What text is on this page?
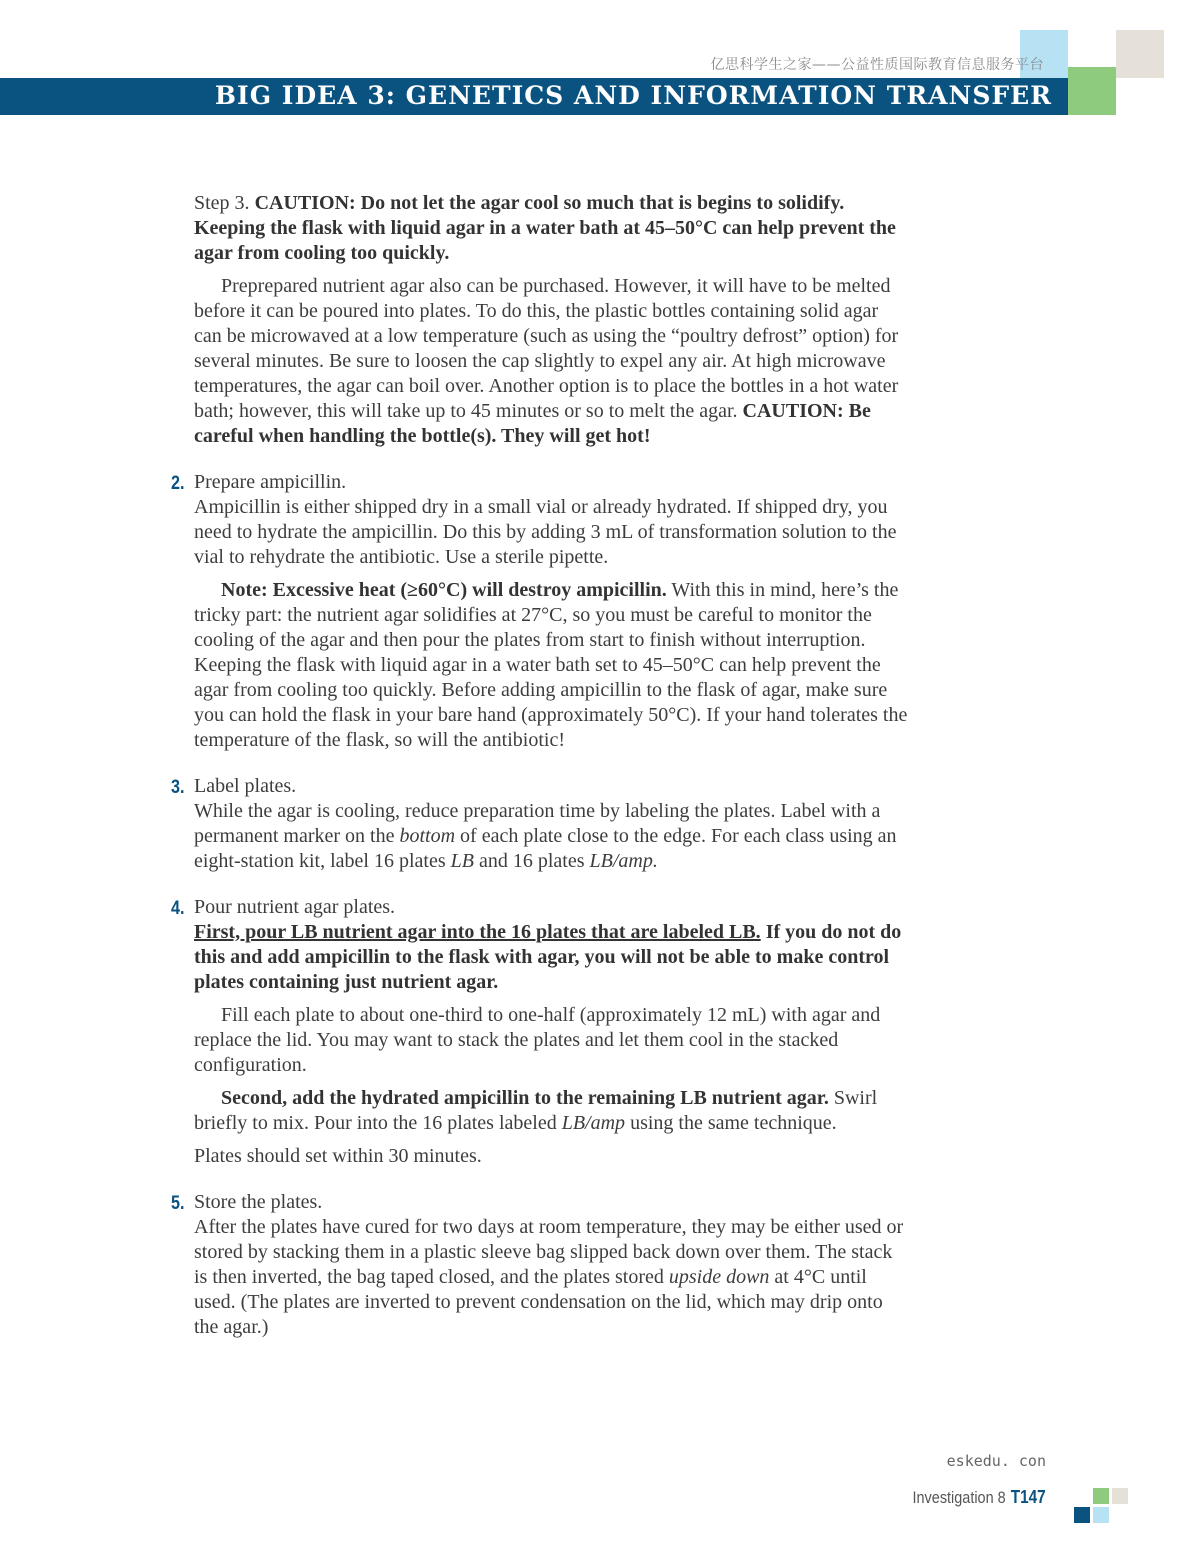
BIG IDEA 3: GENETICS AND INFORMATION TRANSFER
亿思科学生之家——公益性质国际教育信息服务平台

Step 3. CAUTION: Do not let the agar cool so much that is begins to solidify. Keeping the flask with liquid agar in a water bath at 45–50°C can help prevent the agar from cooling too quickly.

Preprepared nutrient agar also can be purchased. However, it will have to be melted before it can be poured into plates. To do this, the plastic bottles containing solid agar can be microwaved at a low temperature (such as using the “poultry defrost” option) for several minutes. Be sure to loosen the cap slightly to expel any air. At high microwave temperatures, the agar can boil over. Another option is to place the bottles in a hot water bath; however, this will take up to 45 minutes or so to melt the agar. CAUTION: Be careful when handling the bottle(s). They will get hot!

2. Prepare ampicillin.

Ampicillin is either shipped dry in a small vial or already hydrated. If shipped dry, you need to hydrate the ampicillin. Do this by adding 3 mL of transformation solution to the vial to rehydrate the antibiotic. Use a sterile pipette.

Note: Excessive heat (≥60°C) will destroy ampicillin. With this in mind, here’s the tricky part: the nutrient agar solidifies at 27°C, so you must be careful to monitor the cooling of the agar and then pour the plates from start to finish without interruption. Keeping the flask with liquid agar in a water bath set to 45–50°C can help prevent the agar from cooling too quickly. Before adding ampicillin to the flask of agar, make sure you can hold the flask in your bare hand (approximately 50°C). If your hand tolerates the temperature of the flask, so will the antibiotic!

3. Label plates.

While the agar is cooling, reduce preparation time by labeling the plates. Label with a permanent marker on the bottom of each plate close to the edge. For each class using an eight-station kit, label 16 plates LB and 16 plates LB/amp.

4. Pour nutrient agar plates.

First, pour LB nutrient agar into the 16 plates that are labeled LB. If you do not do this and add ampicillin to the flask with agar, you will not be able to make control plates containing just nutrient agar.

Fill each plate to about one-third to one-half (approximately 12 mL) with agar and replace the lid. You may want to stack the plates and let them cool in the stacked configuration.

Second, add the hydrated ampicillin to the remaining LB nutrient agar. Swirl briefly to mix. Pour into the 16 plates labeled LB/amp using the same technique.

Plates should set within 30 minutes.

5. Store the plates.

After the plates have cured for two days at room temperature, they may be either used or stored by stacking them in a plastic sleeve bag slipped back down over them. The stack is then inverted, the bag taped closed, and the plates stored upside down at 4°C until used. (The plates are inverted to prevent condensation on the lid, which may drip onto the agar.)

eskedu. con
Investigation 8 T147
